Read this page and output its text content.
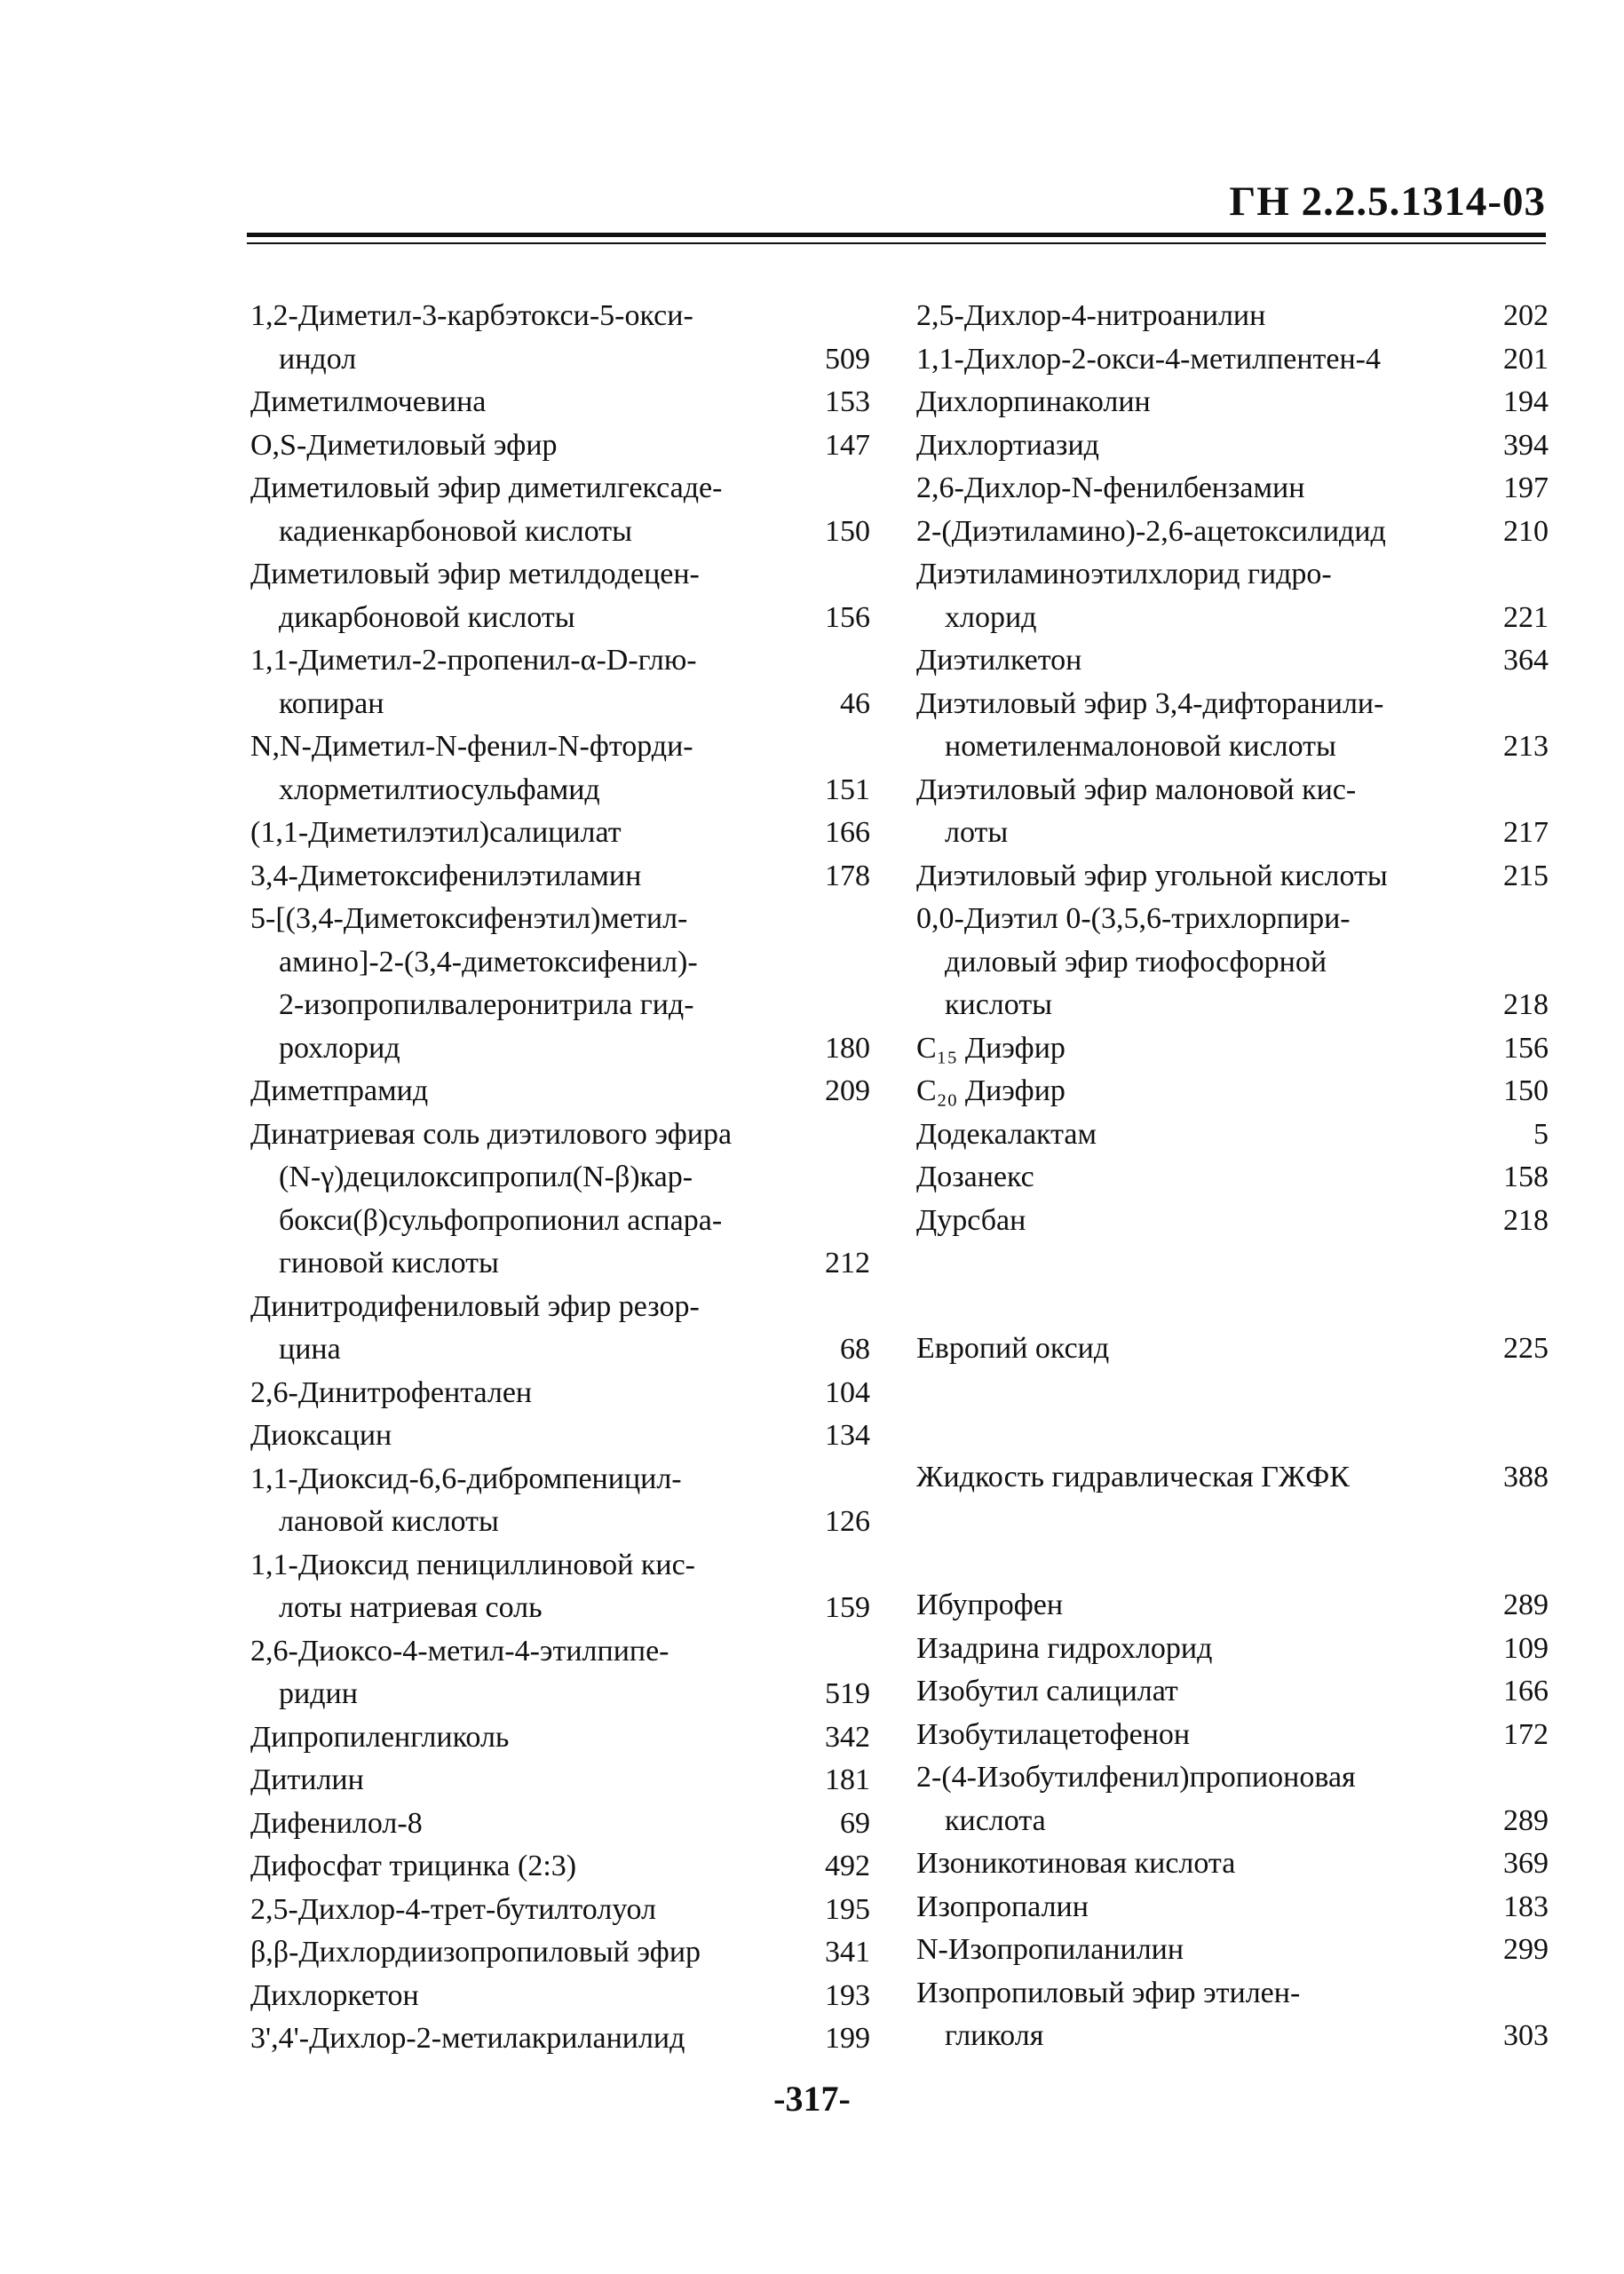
ГН 2.2.5.1314-03
1,2-Диметил-3-карбэтокси-5-окси-
индол	509
Диметилмочевина	153
O,S-Диметиловый эфир	147
Диметиловый эфир диметилгексаде-
кадиенкарбоновой кислоты	150
Диметиловый эфир метилдодецен-
дикарбоновой кислоты	156
1,1-Диметил-2-пропенил-α-D-глю-
копиран	46
N,N-Диметил-N-фенил-N-фторди-
хлорметилтиосульфамид	151
(1,1-Диметилэтил)салицилат	166
3,4-Диметоксифенилэтиламин	178
5-[(3,4-Диметоксифенэтил)метил-
амино]-2-(3,4-диметоксифенил)-
2-изопропилвалеронитрила гид-
рохлорид	180
Диметпрамид	209
Динатриевая соль диэтилового эфира
(N-γ)децилоксипропил(N-β)кар-
бокси(β)сульфопропионил аспара-
гиновой кислоты	212
Динитродифениловый эфир резор-
цина	68
2,6-Динитрофенталeн	104
Диоксацин	134
1,1-Диоксид-6,6-дибромпеницил-
лановой кислоты	126
1,1-Диоксид пенициллиновой кис-
лоты натриевая соль	159
2,6-Диоксо-4-метил-4-этилпипе-
ридин	519
Дипропиленгликоль	342
Дитилин	181
Дифенилол-8	69
Дифосфат трицинка (2:3)	492
2,5-Дихлор-4-трет-бутилтолуол	195
β,β-Дихлордиизопропиловый эфир	341
Дихлоркетон	193
3',4'-Дихлор-2-метилакриланилид	199
2,5-Дихлор-4-нитроанилин	202
1,1-Дихлор-2-окси-4-метилпентен-4	201
Дихлорпинаколин	194
Дихлортиазид	394
2,6-Дихлор-N-фенилбензамин	197
2-(Диэтиламино)-2,6-ацетоксилидид	210
Диэтиламиноэтилхлорид гидро-
хлорид	221
Диэтилкетон	364
Диэтиловый эфир 3,4-дифторанили-
нометиленмалоновой кислоты	213
Диэтиловый эфир малоновой кис-
лоты	217
Диэтиловый эфир угольной кислоты	215
0,0-Диэтил 0-(3,5,6-трихлорпири-
диловый эфир тиофосфорной
кислоты	218
C₁₅ Диэфир	156
C₂₀ Диэфир	150
Додекалактам	5
Дозанекс	158
Дурсбан	218
Европий оксид	225
Жидкость гидравлическая ГЖФК	388
Ибупрофен	289
Изадрина гидрохлорид	109
Изобутил салицилат	166
Изобутилацетофенон	172
2-(4-Изобутилфенил)пропионовая
кислота	289
Изоникотиновая кислота	369
Изопропалин	183
N-Изопропиланилин	299
Изопропиловый эфир этилен-
гликоля	303
-317-
